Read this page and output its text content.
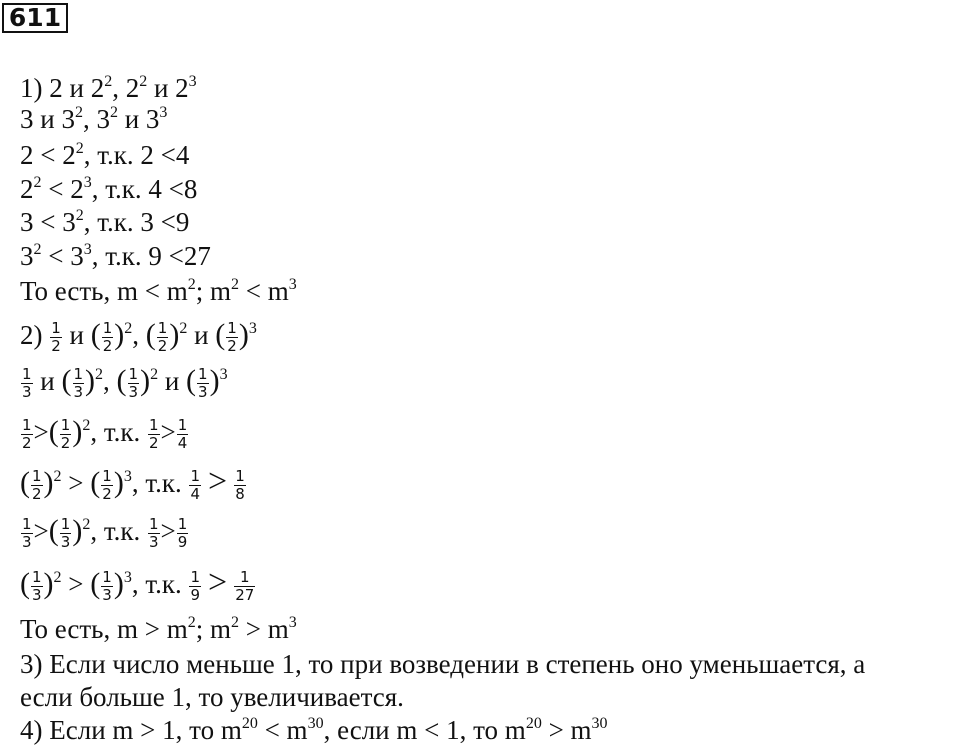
611
1) 2 и $2^2$, $2^2$ и $2^3$
3 и $3^2$, $3^2$ и $3^3$
$2 < 2^2$, т.к. 2 <4
$2^2 < 2^3$, т.к. 4 <8
$3 < 3^2$, т.к. 3 <9
$3^2 < 3^3$, т.к. 9 <27
То есть, $m < m^2$; $m^2 < m^3$
$2) \frac{1}{2}$ и ( $\frac{1}{2} )^2$, ( $\frac{1}{2} )^2$ и ( $\frac{1}{2} )^3$
$\frac{1}{3}$ и ( $\frac{1}{3} )^2$, ( $\frac{1}{3} )^2$ и ( $\frac{1}{3} )^3$
$\frac{1}{2}$ >( $\frac{1}{2} )^2$, т.к. $\frac{1}{2} > \frac{1}{4}$
( $\frac{1}{2} )^2$ > ( $\frac{1}{2} )^3$, т.к. $\frac{1}{4} > \frac{1}{8}$
$\frac{1}{3}$ >( $\frac{1}{3} )^2$, т.к. $\frac{1}{3} > \frac{1}{9}$
( $\frac{1}{3} )^2$ > ( $\frac{1}{3} )^3$, т.к. $\frac{1}{9} > \frac{1}{27}$
То есть, $m > m^2$; $m^2 > m^3$
3) Если число меньше 1, то при возведении в степень оно уменьшается, а
если больше 1, то увеличивается.
4) Если m > 1, то $m^{20} < m^{30}$, если m < 1, то $m^{20} > m^{30}$
